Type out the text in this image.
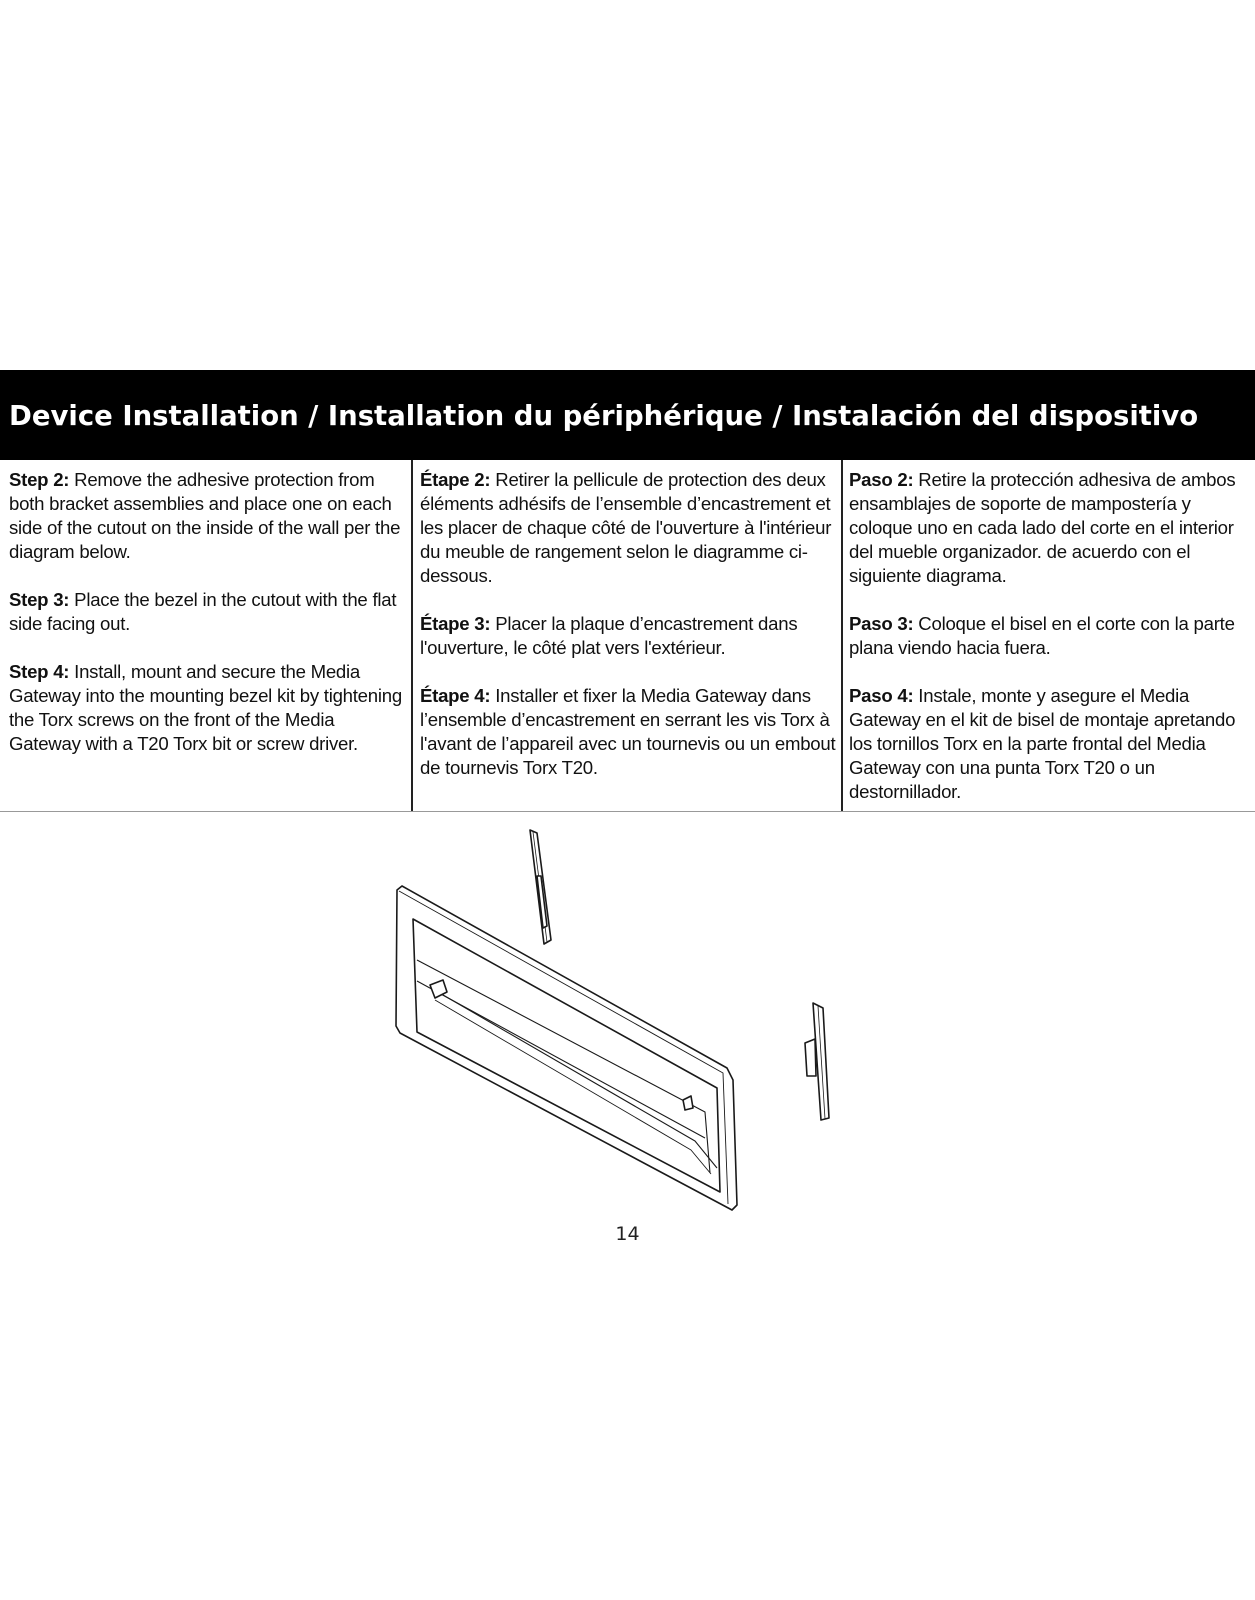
Device Installation / Installation du périphérique / Instalación del dispositivo

Step 2: Remove the adhesive protection from both bracket assemblies and place one on each side of the cutout on the inside of the wall per the diagram below.

Step 3: Place the bezel in the cutout with the flat side facing out.

Step 4: Install, mount and secure the Media Gateway into the mounting bezel kit by tightening the Torx screws on the front of the Media Gateway with a T20 Torx bit or screw driver.

Étape 2: Retirer la pellicule de protection des deux éléments adhésifs de l’ensemble d’encastrement et les placer de chaque côté de l'ouverture à l'intérieur du meuble de rangement selon le diagramme ci-dessous.

Étape 3: Placer la plaque d’encastrement dans l'ouverture, le côté plat vers l'extérieur.

Étape 4: Installer et fixer la Media Gateway dans l’ensemble d’encastrement en serrant les vis Torx à l'avant de l’appareil avec un tournevis ou un embout de tournevis Torx T20.

Paso 2: Retire la protección adhesiva de ambos ensamblajes de soporte de mampostería y coloque uno en cada lado del corte en el interior del mueble organizador. de acuerdo con el siguiente diagrama.

Paso 3: Coloque el bisel en el corte con la parte plana viendo hacia fuera.

Paso 4: Instale, monte y asegure el Media Gateway en el kit de bisel de montaje apretando los tornillos Torx en la parte frontal del Media Gateway con una punta Torx T20 o un destornillador.

14
